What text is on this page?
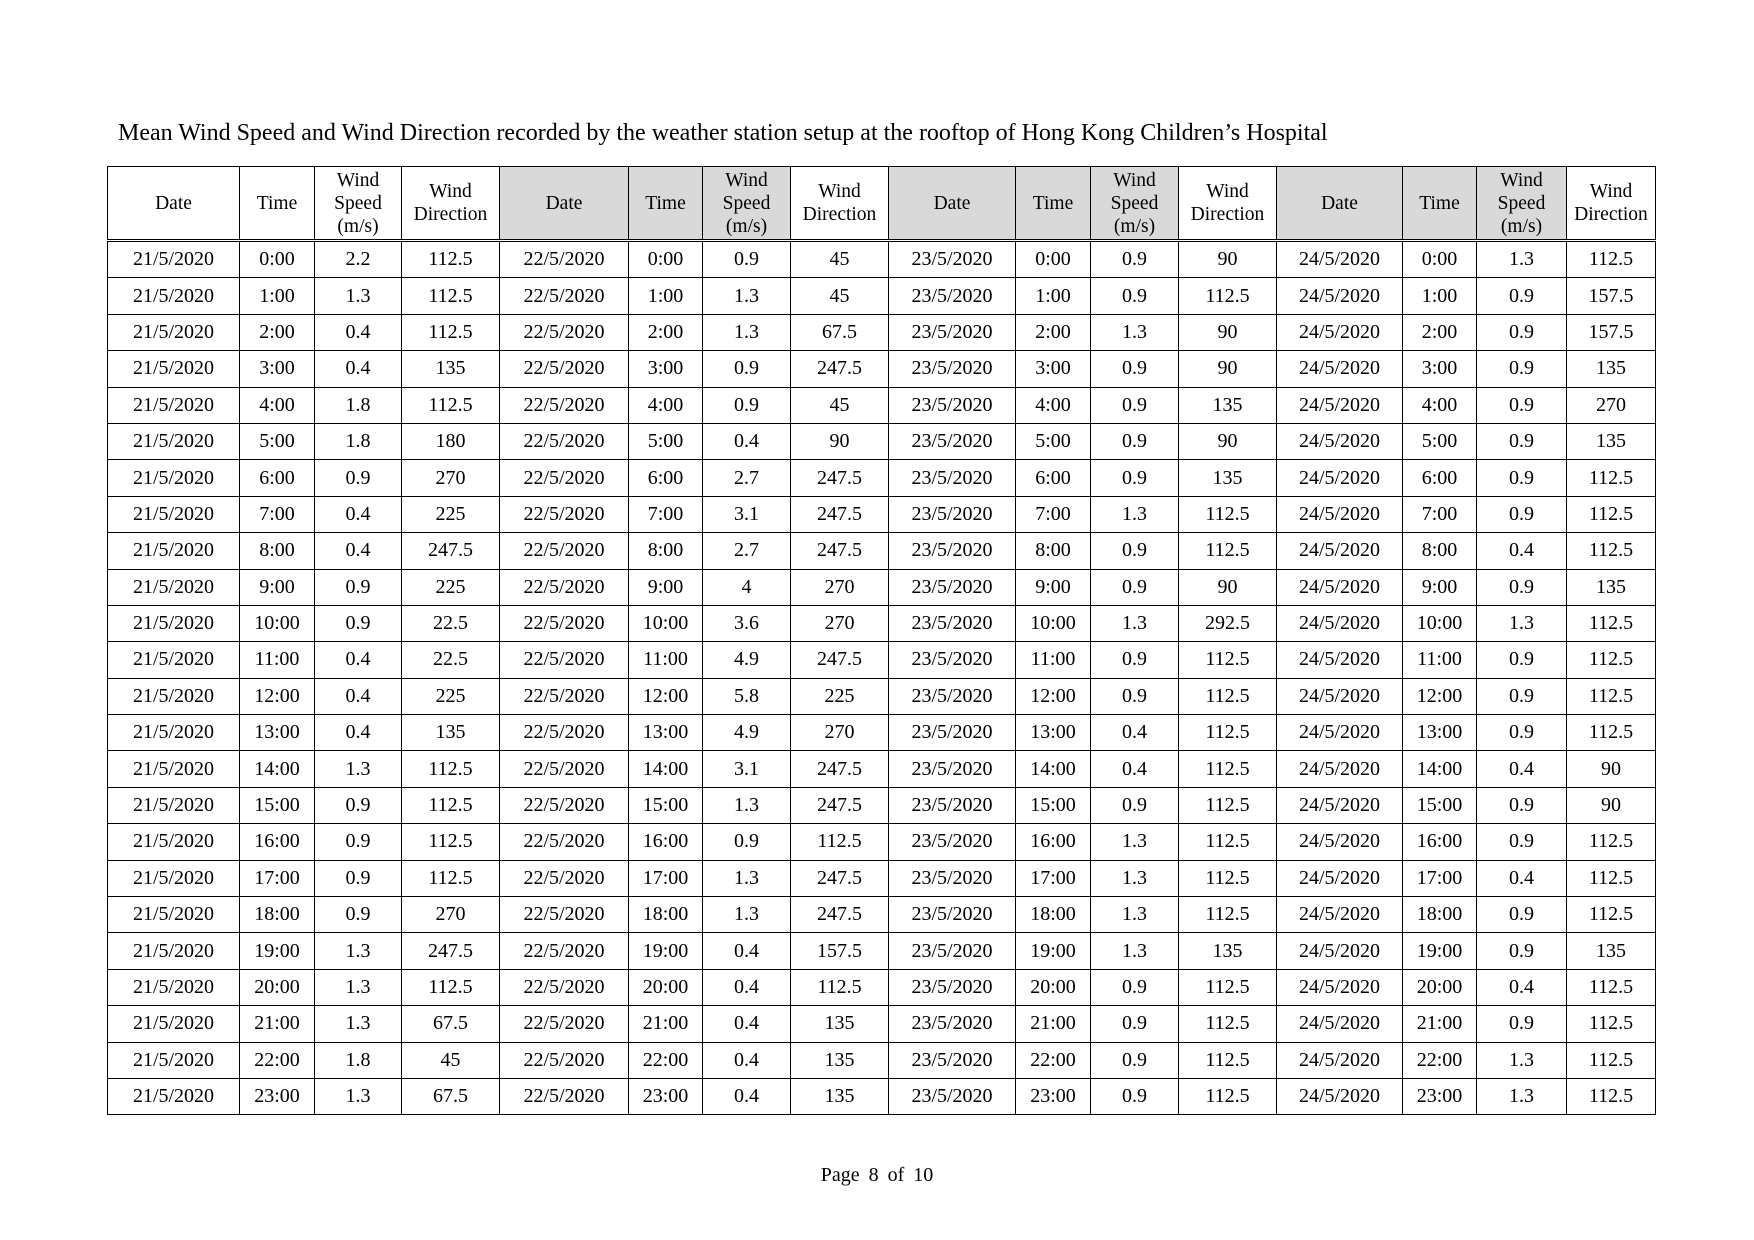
Mean Wind Speed and Wind Direction recorded by the weather station setup at the rooftop of Hong Kong Children’s Hospital
Date	Time	Wind
Speed
(m/s)	Wind
Direction	Date	Time	Wind
Speed
(m/s)	Wind
Direction	Date	Time	Wind
Speed
(m/s)	Wind
Direction	Date	Time	Wind
Speed
(m/s)	Wind
Direction

21/5/2020	0:00	2.2	112.5	22/5/2020	0:00	0.9	45	23/5/2020	0:00	0.9	90	24/5/2020	0:00	1.3	112.5
21/5/2020	1:00	1.3	112.5	22/5/2020	1:00	1.3	45	23/5/2020	1:00	0.9	112.5	24/5/2020	1:00	0.9	157.5
21/5/2020	2:00	0.4	112.5	22/5/2020	2:00	1.3	67.5	23/5/2020	2:00	1.3	90	24/5/2020	2:00	0.9	157.5
21/5/2020	3:00	0.4	135	22/5/2020	3:00	0.9	247.5	23/5/2020	3:00	0.9	90	24/5/2020	3:00	0.9	135
21/5/2020	4:00	1.8	112.5	22/5/2020	4:00	0.9	45	23/5/2020	4:00	0.9	135	24/5/2020	4:00	0.9	270
21/5/2020	5:00	1.8	180	22/5/2020	5:00	0.4	90	23/5/2020	5:00	0.9	90	24/5/2020	5:00	0.9	135
21/5/2020	6:00	0.9	270	22/5/2020	6:00	2.7	247.5	23/5/2020	6:00	0.9	135	24/5/2020	6:00	0.9	112.5
21/5/2020	7:00	0.4	225	22/5/2020	7:00	3.1	247.5	23/5/2020	7:00	1.3	112.5	24/5/2020	7:00	0.9	112.5
21/5/2020	8:00	0.4	247.5	22/5/2020	8:00	2.7	247.5	23/5/2020	8:00	0.9	112.5	24/5/2020	8:00	0.4	112.5
21/5/2020	9:00	0.9	225	22/5/2020	9:00	4	270	23/5/2020	9:00	0.9	90	24/5/2020	9:00	0.9	135
21/5/2020	10:00	0.9	22.5	22/5/2020	10:00	3.6	270	23/5/2020	10:00	1.3	292.5	24/5/2020	10:00	1.3	112.5
21/5/2020	11:00	0.4	22.5	22/5/2020	11:00	4.9	247.5	23/5/2020	11:00	0.9	112.5	24/5/2020	11:00	0.9	112.5
21/5/2020	12:00	0.4	225	22/5/2020	12:00	5.8	225	23/5/2020	12:00	0.9	112.5	24/5/2020	12:00	0.9	112.5
21/5/2020	13:00	0.4	135	22/5/2020	13:00	4.9	270	23/5/2020	13:00	0.4	112.5	24/5/2020	13:00	0.9	112.5
21/5/2020	14:00	1.3	112.5	22/5/2020	14:00	3.1	247.5	23/5/2020	14:00	0.4	112.5	24/5/2020	14:00	0.4	90
21/5/2020	15:00	0.9	112.5	22/5/2020	15:00	1.3	247.5	23/5/2020	15:00	0.9	112.5	24/5/2020	15:00	0.9	90
21/5/2020	16:00	0.9	112.5	22/5/2020	16:00	0.9	112.5	23/5/2020	16:00	1.3	112.5	24/5/2020	16:00	0.9	112.5
21/5/2020	17:00	0.9	112.5	22/5/2020	17:00	1.3	247.5	23/5/2020	17:00	1.3	112.5	24/5/2020	17:00	0.4	112.5
21/5/2020	18:00	0.9	270	22/5/2020	18:00	1.3	247.5	23/5/2020	18:00	1.3	112.5	24/5/2020	18:00	0.9	112.5
21/5/2020	19:00	1.3	247.5	22/5/2020	19:00	0.4	157.5	23/5/2020	19:00	1.3	135	24/5/2020	19:00	0.9	135
21/5/2020	20:00	1.3	112.5	22/5/2020	20:00	0.4	112.5	23/5/2020	20:00	0.9	112.5	24/5/2020	20:00	0.4	112.5
21/5/2020	21:00	1.3	67.5	22/5/2020	21:00	0.4	135	23/5/2020	21:00	0.9	112.5	24/5/2020	21:00	0.9	112.5
21/5/2020	22:00	1.8	45	22/5/2020	22:00	0.4	135	23/5/2020	22:00	0.9	112.5	24/5/2020	22:00	1.3	112.5
21/5/2020	23:00	1.3	67.5	22/5/2020	23:00	0.4	135	23/5/2020	23:00	0.9	112.5	24/5/2020	23:00	1.3	112.5
Page 8 of 10
